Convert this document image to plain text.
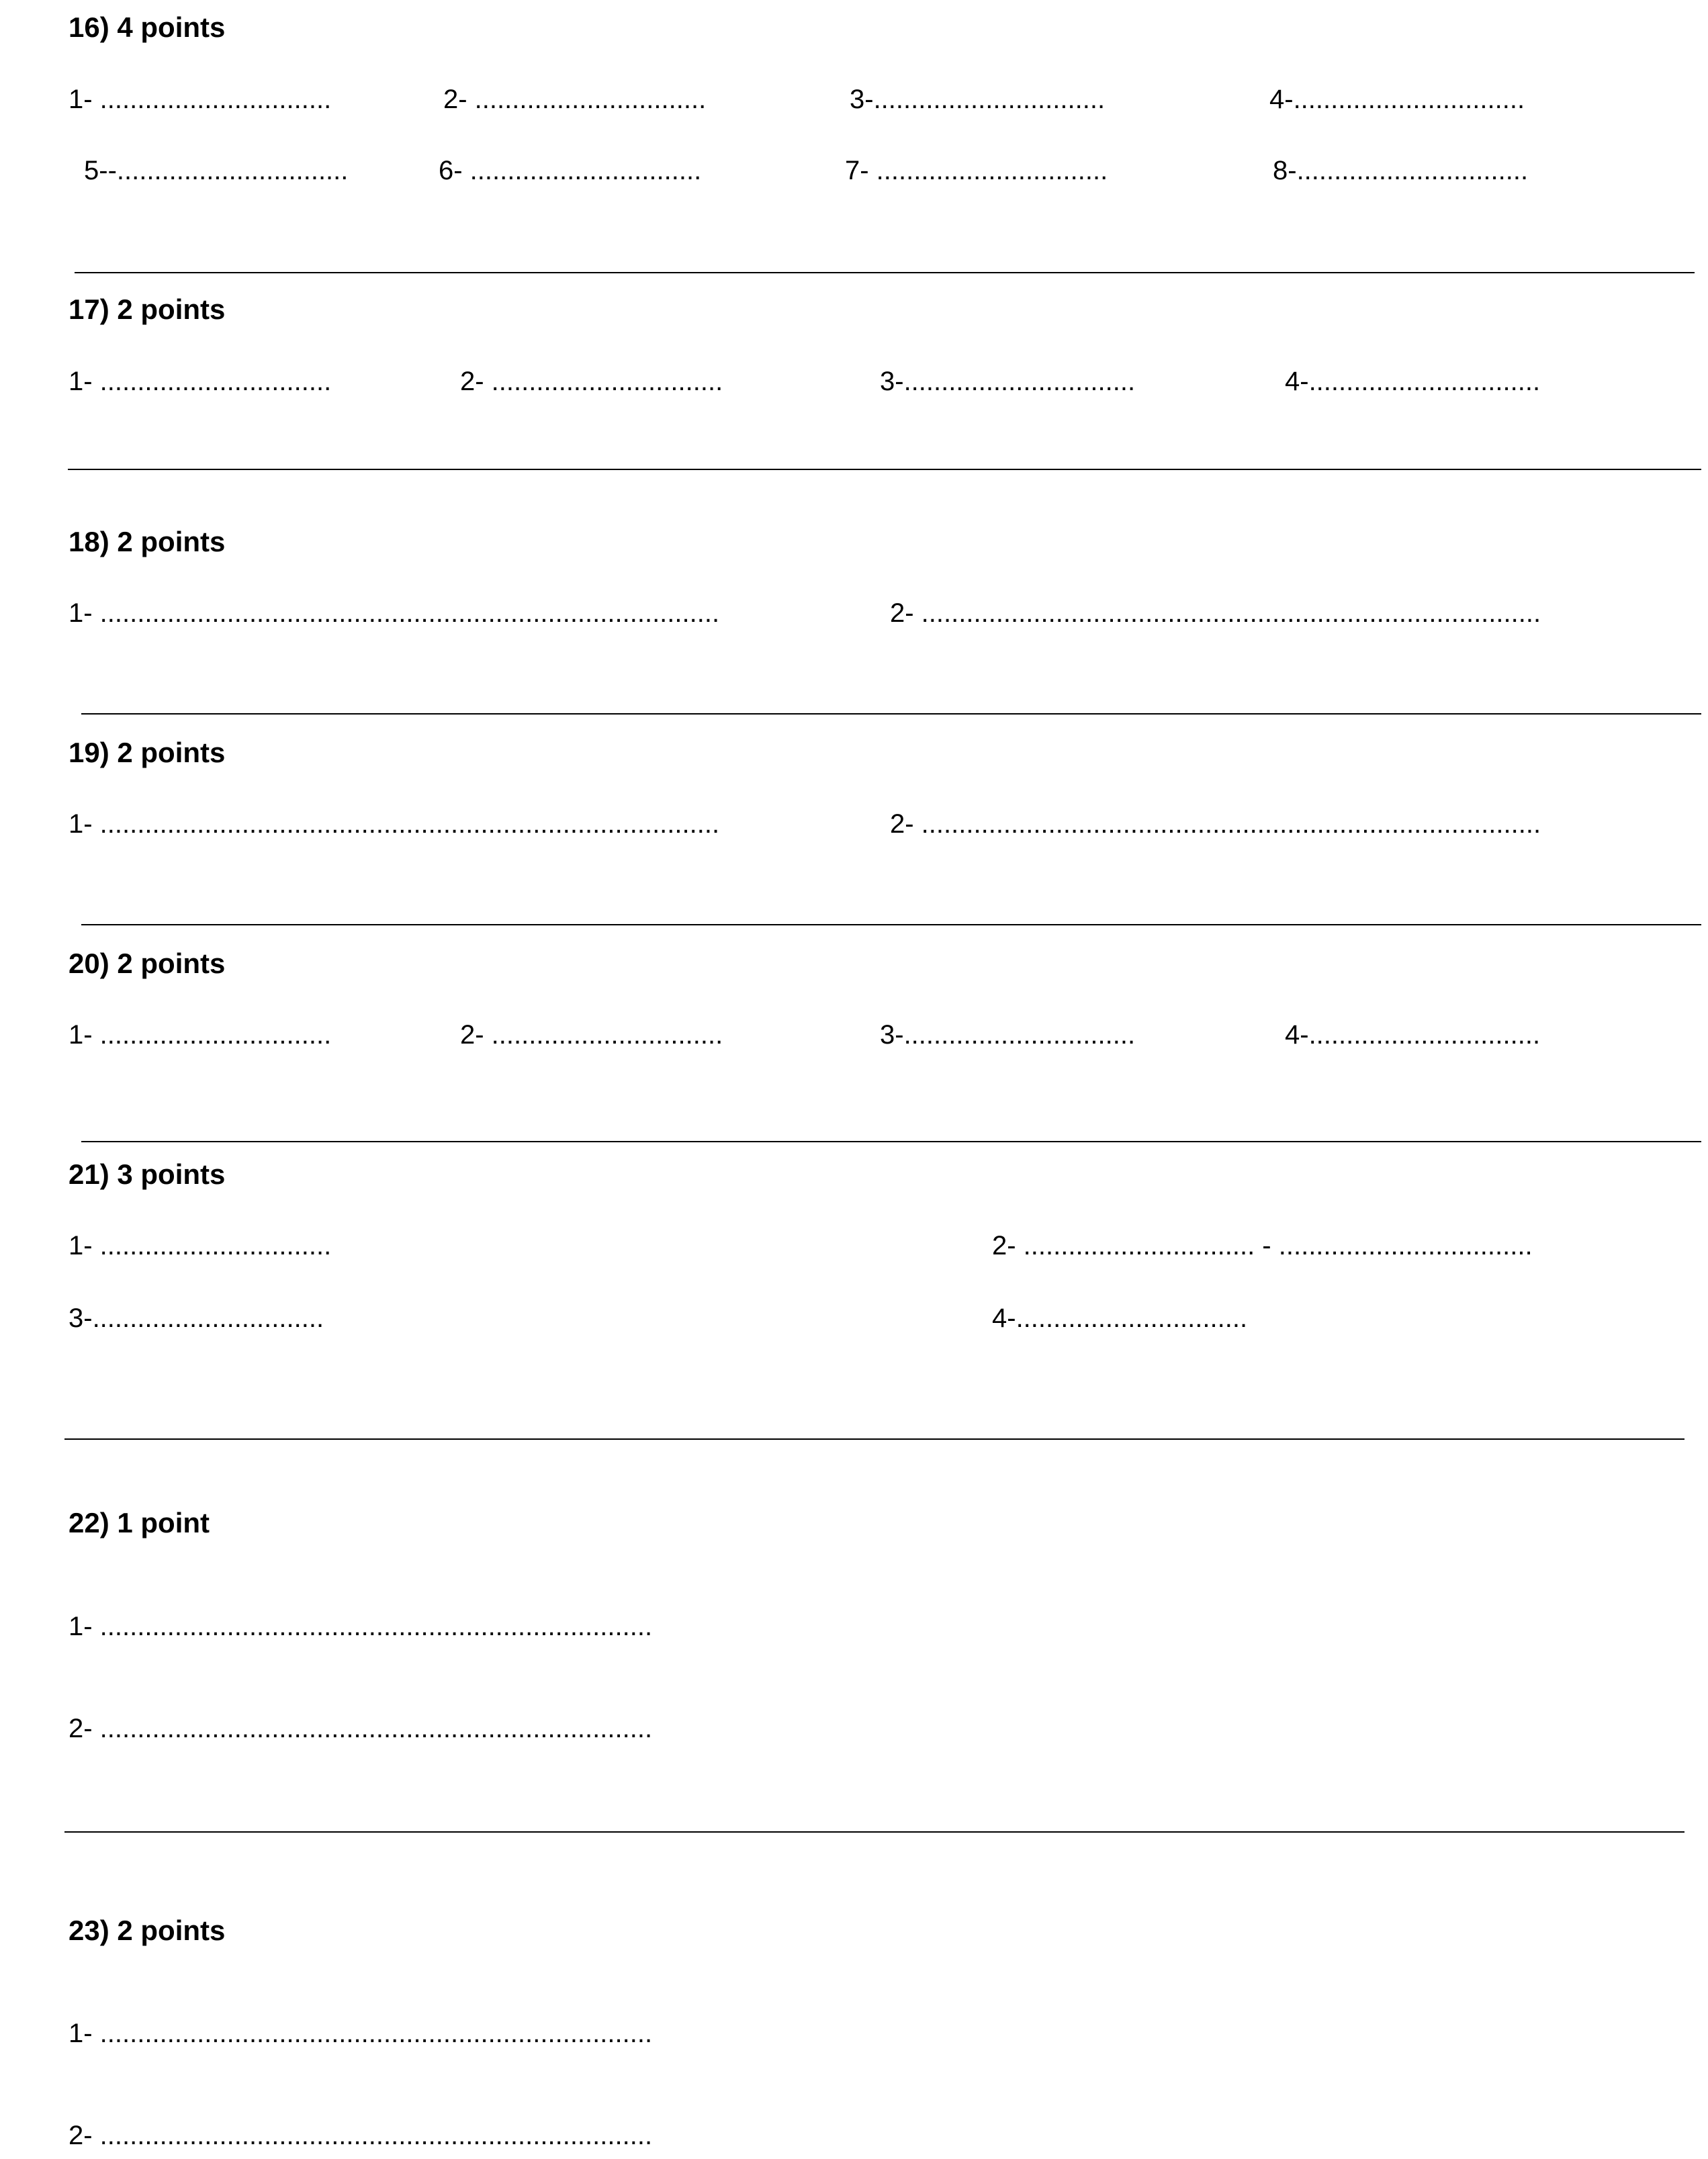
16) 4 points
1- ...............................	2- ...............................	3-...............................	4-...............................
5--...............................	6- ...............................	7- ...............................	8-...............................
17) 2 points
1- ...............................	2- ...............................	3-...............................	4-...............................
18) 2 points
1- ...................................................................................	2- ...................................................................................
19) 2 points
1- ...................................................................................	2- ...................................................................................
20) 2 points
1- ...............................	2- ...............................	3-...............................	4-...............................
21) 3 points
1- ...............................	2- ............................... - ..................................
3-...............................	4-...............................
22) 1 point
1- ..........................................................................
2- ..........................................................................
23) 2 points
1- ..........................................................................
2- ..........................................................................
